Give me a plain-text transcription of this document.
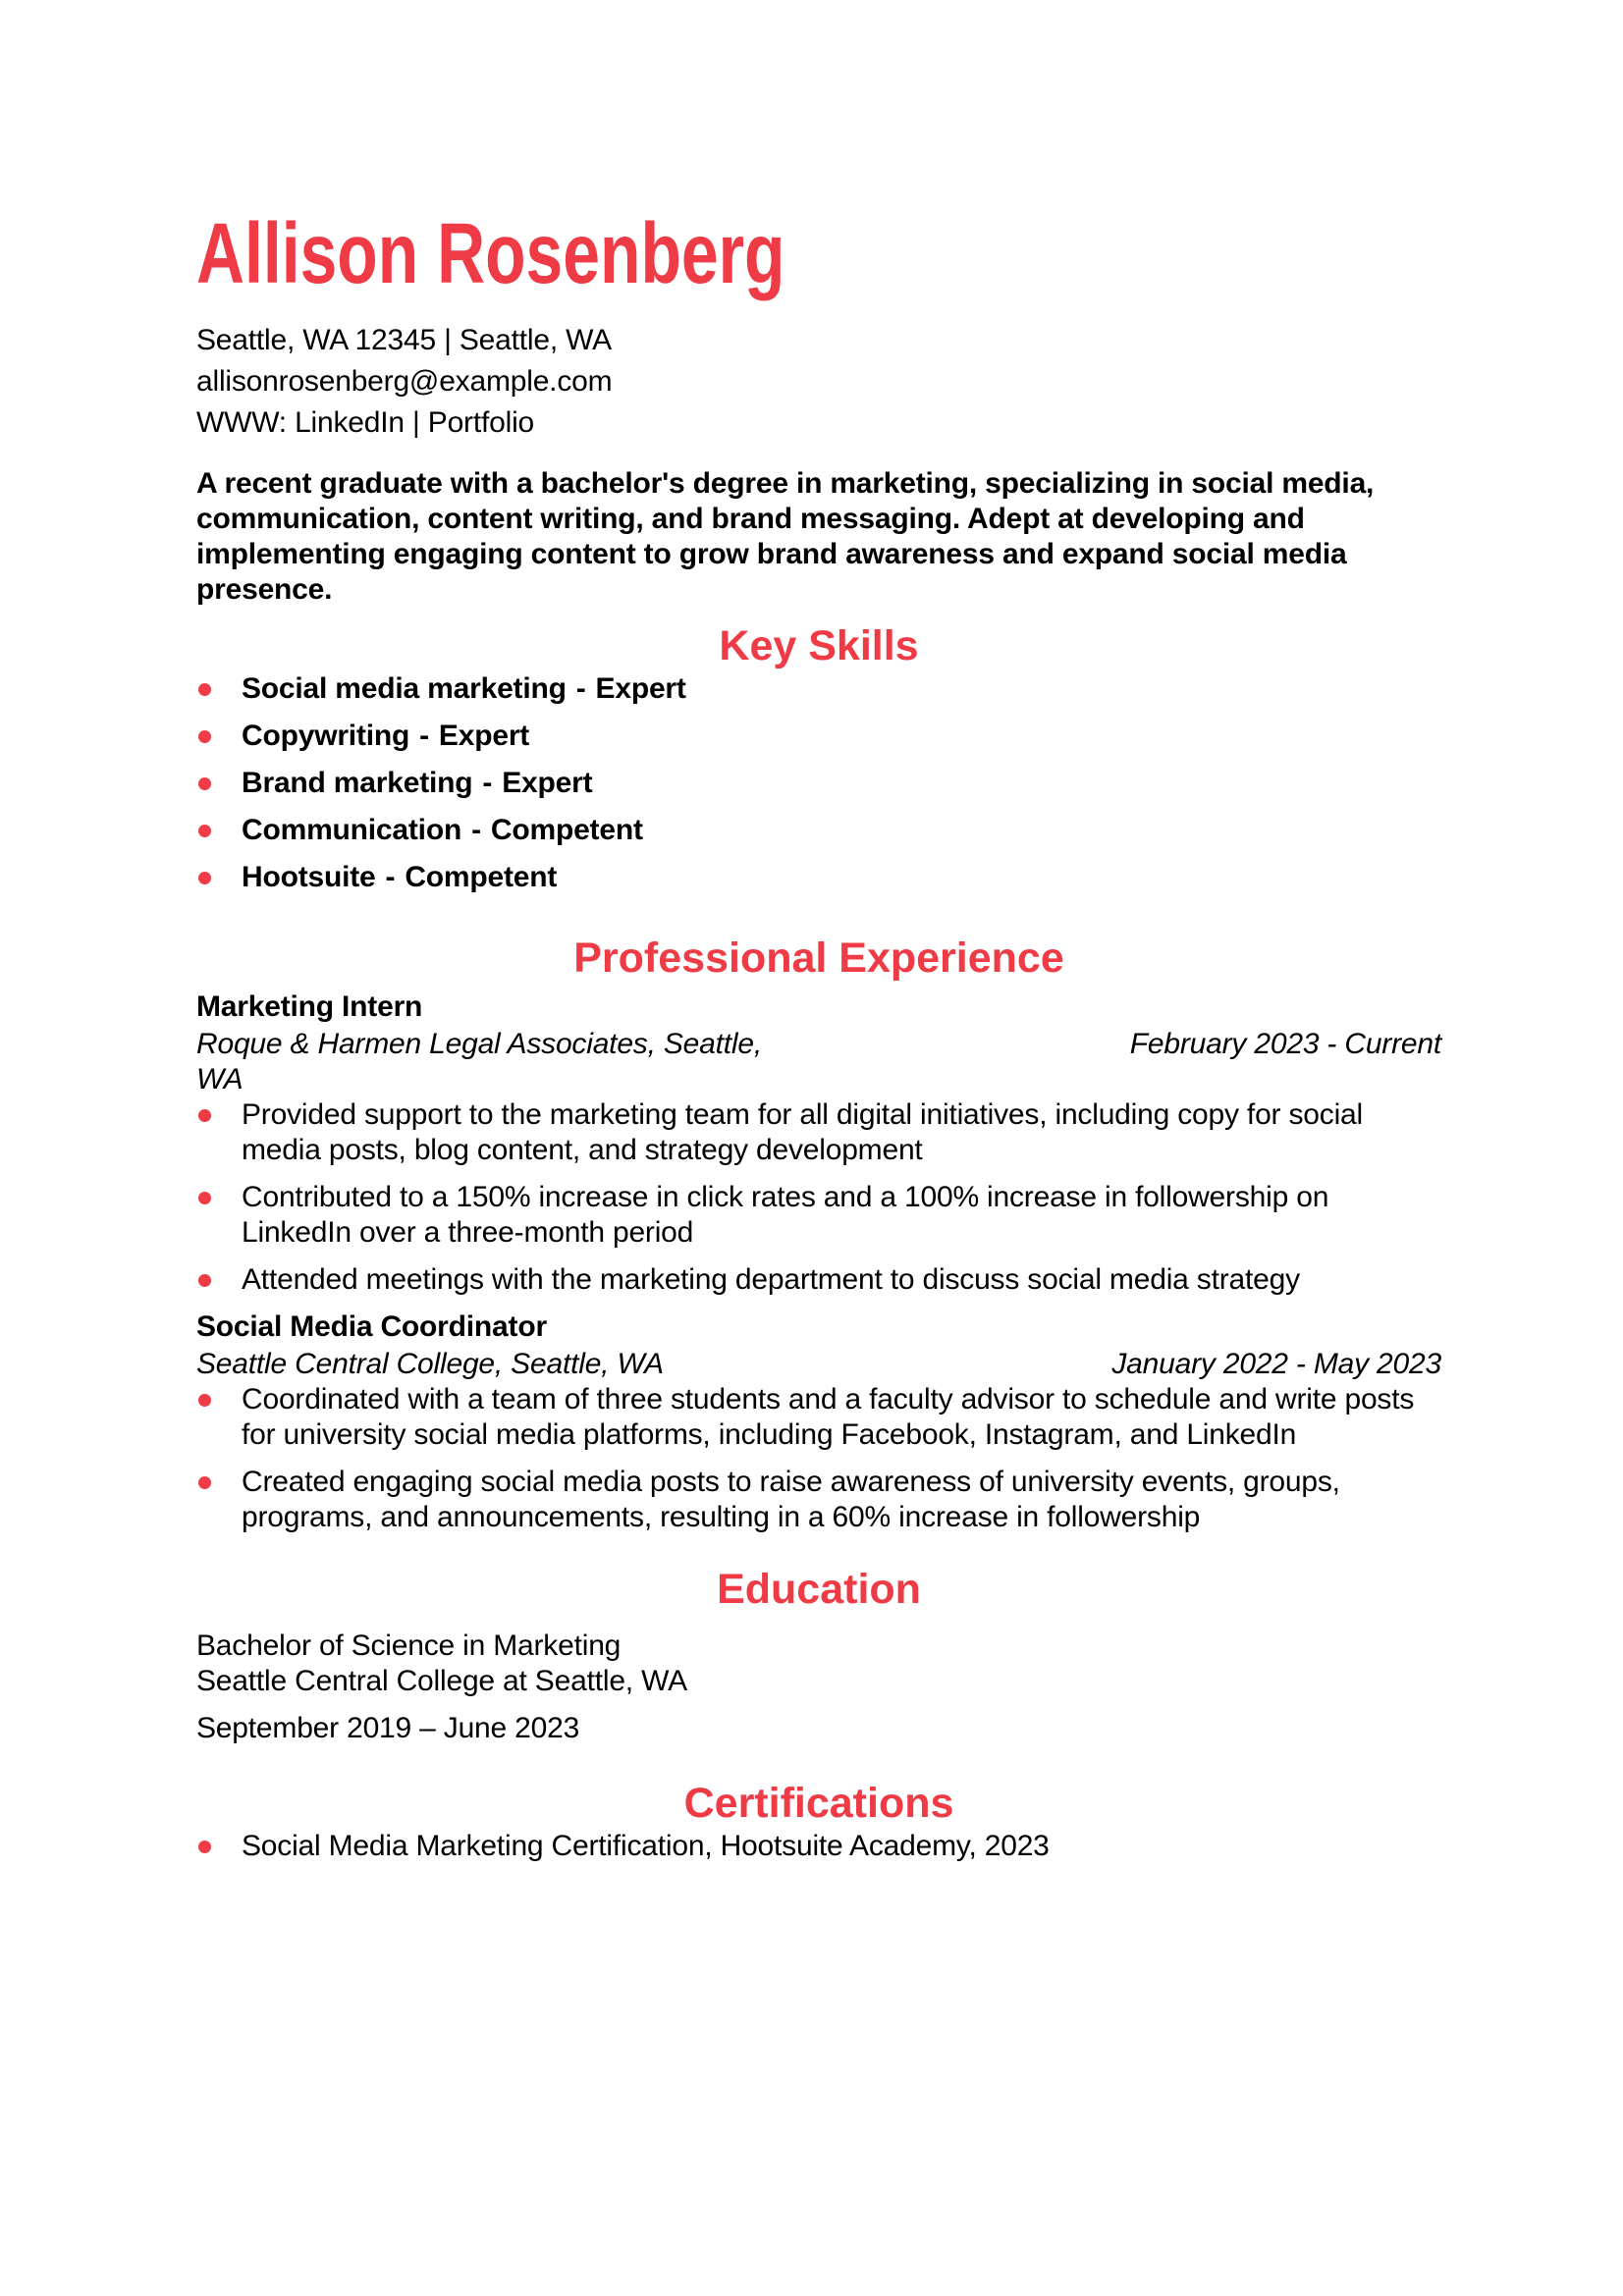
Allison Rosenberg
Seattle, WA 12345 | Seattle, WA
allisonrosenberg@example.com
WWW: LinkedIn | Portfolio

A recent graduate with a bachelor's degree in marketing, specializing in social media, communication, content writing, and brand messaging. Adept at developing and implementing engaging content to grow brand awareness and expand social media presence.

Key Skills
Social media marketing - Expert
Copywriting - Expert
Brand marketing - Expert
Communication - Competent
Hootsuite - Competent
Professional Experience

Marketing Intern

Roque & Harmen Legal Associates, Seattle, WA
February 2023 - Current
Provided support to the marketing team for all digital initiatives, including copy for social media posts, blog content, and strategy development
Contributed to a 150% increase in click rates and a 100% increase in followership on LinkedIn over a three-month period
Attended meetings with the marketing department to discuss social media strategy

Social Media Coordinator

Seattle Central College, Seattle, WA	January 2022 - May 2023
Coordinated with a team of three students and a faculty advisor to schedule and write posts for university social media platforms, including Facebook, Instagram, and LinkedIn
Created engaging social media posts to raise awareness of university events, groups, programs, and announcements, resulting in a 60% increase in followership
Education
Bachelor of Science in Marketing
Seattle Central College at Seattle, WA

September 2019 – June 2023

Certifications
Social Media Marketing Certification, Hootsuite Academy, 2023
